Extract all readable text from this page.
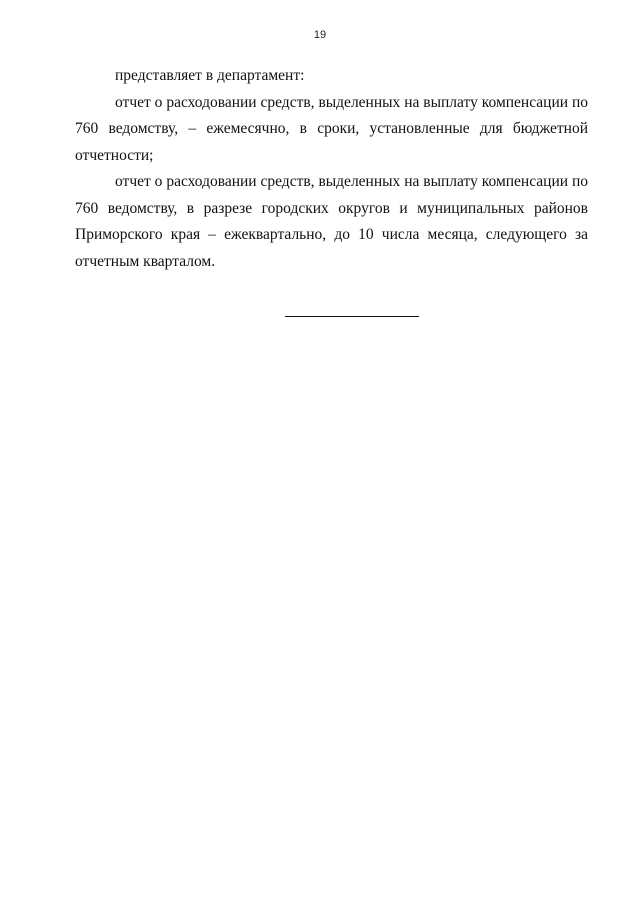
19

представляет в департамент:

отчет о расходовании средств, выделенных на выплату компенсации по 760 ведомству, – ежемесячно, в сроки, установленные для бюджетной отчетности;

отчет о расходовании средств, выделенных на выплату компенсации по 760 ведомству, в разрезе городских округов и муниципальных районов Приморского края – ежеквартально, до 10 числа месяца, следующего за отчетным кварталом.
